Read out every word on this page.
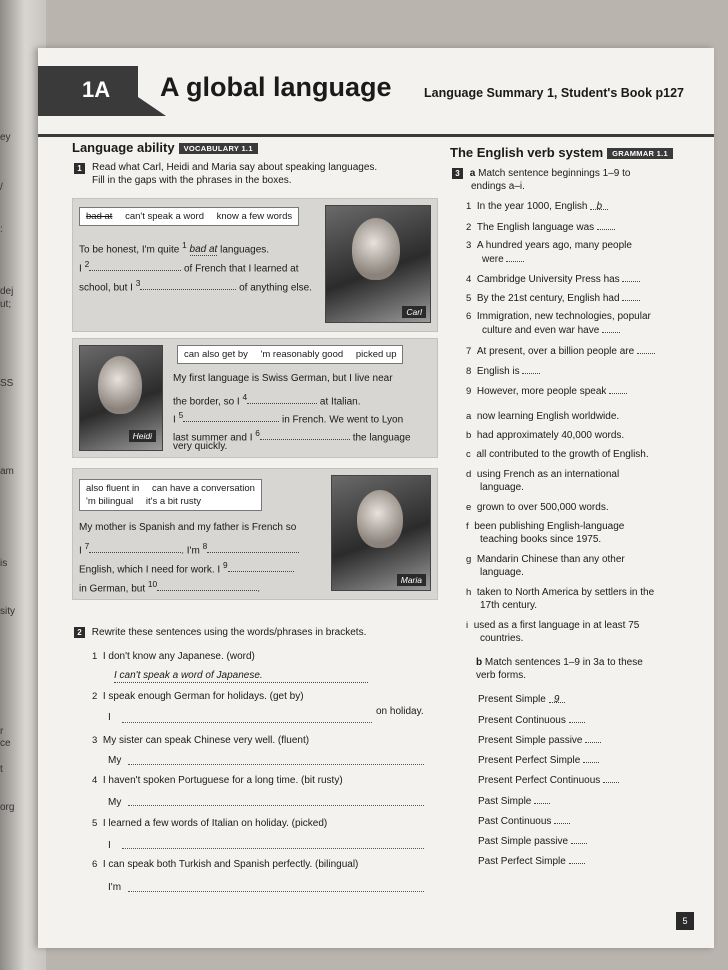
ey
/
:
dej
ut;
SS
am
is
sity
r
ce
t
org
1A A global language	Language Summary 1, Student's Book p127
Language ability VOCABULARY 1.1
1	Read what Carl, Heidi and Maria say about speaking languages. Fill in the gaps with the phrases in the boxes.
bad at can't speak a word know a few words
To be honest, I'm quite $^1$ bad at languages.
I $^2$	of French that I learned at
school, but I $^3$	of anything else.
Carl
Heidi
can also get by 'm reasonably good picked up
My first language is Swiss German, but I live near
the border, so I $^4$	at Italian.
I $^5$	in French. We went to Lyon
last summer and I $^6$	the language
very quickly.
also fluent in can have a conversation
'm bilingual it's a bit rusty
My mother is Spanish and my father is French so
I $^7$	. I'm $^8$
English, which I need for work. I $^9$
in German, but $^{10}$	.
Maria
2 Rewrite these sentences using the words/phrases in brackets.
1 I don't know any Japanese. (word)
I can't speak a word of Japanese.
2 I speak enough German for holidays. (get by)
I
on holiday.
3 My sister can speak Chinese very well. (fluent)
My
4 I haven't spoken Portuguese for a long time. (bit rusty)
My
5 I learned a few words of Italian on holiday. (picked)
I
6 I can speak both Turkish and Spanish perfectly. (bilingual)
I'm
The English verb system GRAMMAR 1.1
3 a Match sentence beginnings 1–9 to
endings a–i.
b Match sentences 1–9 in 3a to these
verb forms.
5
1 In the year 1000, English b
2 The English language was
3 A hundred years ago, many people
were
4 Cambridge University Press has
5 By the 21st century, English had
6 Immigration, new technologies, popular
culture and even war have
7 At present, over a billion people are
8 English is
9 However, more people speak
a now learning English worldwide.
b had approximately 40,000 words.
c all contributed to the growth of English.
d using French as an international
language.
e grown to over 500,000 words.
f been publishing English-language
teaching books since 1975.
g Mandarin Chinese than any other
language.
h taken to North America by settlers in the
17th century.
i used as a first language in at least 75
countries.
Present Simple 9
Present Continuous
Present Simple passive
Present Perfect Simple
Present Perfect Continuous
Past Simple
Past Continuous
Past Simple passive
Past Perfect Simple
